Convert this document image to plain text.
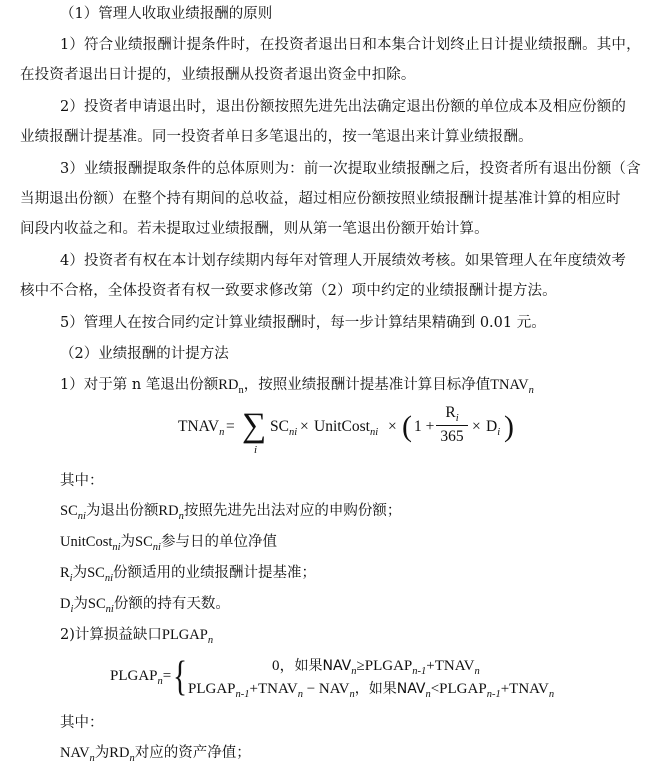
（1）管理人收取业绩报酬的原则
1）符合业绩报酬计提条件时，在投资者退出日和本集合计划终止日计提业绩报酬。其中，
在投资者退出日计提的，业绩报酬从投资者退出资金中扣除。
2）投资者申请退出时，退出份额按照先进先出法确定退出份额的单位成本及相应份额的
业绩报酬计提基准。同一投资者单日多笔退出的，按一笔退出来计算业绩报酬。
3）业绩报酬提取条件的总体原则为：前一次提取业绩报酬之后，投资者所有退出份额（含
当期退出份额）在整个持有期间的总收益，超过相应份额按照业绩报酬计提基准计算的相应时
间段内收益之和。若未提取过业绩报酬，则从第一笔退出份额开始计算。
4）投资者有权在本计划存续期内每年对管理人开展绩效考核。如果管理人在年度绩效考
核中不合格，全体投资者有权一致要求修改第（2）项中约定的业绩报酬计提方法。
5）管理人在按合同约定计算业绩报酬时，每一步计算结果精确到 0.01 元。
（2）业绩报酬的计提方法
1）对于第 n 笔退出份额$RD_n$，按照业绩报酬计提基准计算目标净值$TNAV_n$
$TNAV_n$ = ∑
i
$SC_{ni}$ × UnitCost$_{ni}$ × ( $1 + \frac{R_i}{365} \times D_i$ )
其中：
$SC_{ni}$为退出份额$RD_n$按照先进先出法对应的申购份额；
UnitCost$_{ni}$为$SC_{ni}$参与日的单位净值
$R_i$为$SC_{ni}$份额适用的业绩报酬计提基准；
$D_i$为$SC_{ni}$份额的持有天数。
2)计算损益缺口$PLGAP_n$
$PLGAP_n=$ {	0，如果$NAV_n\ge PLGAP_{n-1}+TNAV_n$
$PLGAP_{n-1}+TNAV_n - NAV_n$，如果$NAV_n<PLGAP_{n-1}+TNAV_n$
其中：
$NAV_n$为$RD_n$对应的资产净值；
